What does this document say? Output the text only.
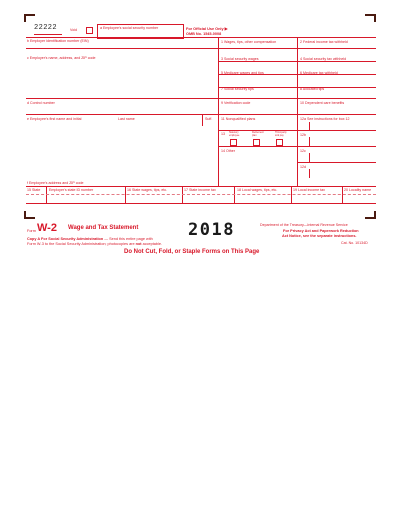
22222	Void	a Employee's social security number	For Official Use Only ▶
OMB No. 1545-0008
b Employer identification number (EIN)
c Employer's name, address, and ZIP code
d Control number
e Employee's first name and initial	Last name	Suff.
f Employee's address and ZIP code
1 Wages, tips, other compensation	2 Federal income tax withheld
3 Social security wages	4 Social security tax withheld
5 Medicare wages and tips	6 Medicare tax withheld
7 Social security tips	8 Allocated tips
9 Verification code	10 Dependent care benefits
11 Nonqualified plans	12a See instructions for box 12
13 Statutory
employee
Retirement
plan
Third-party
sick pay
14 Other
12b
12c
12d
15 State Employer's state ID number	16 State wages, tips, etc.	17 State income tax	18 Local wages, tips, etc.	19 Local income tax	20 Locality name
Form W-2 Wage and Tax Statement	2018	Department of the Treasury—Internal Revenue Service
For Privacy Act and Paperwork Reduction
Act Notice, see the separate instructions.
Cat. No. 10134D
Copy A For Social Security Administration — Send this entire page with
Form W-3 to the Social Security Administration; photocopies are not acceptable.
Do Not Cut, Fold, or Staple Forms on This Page
